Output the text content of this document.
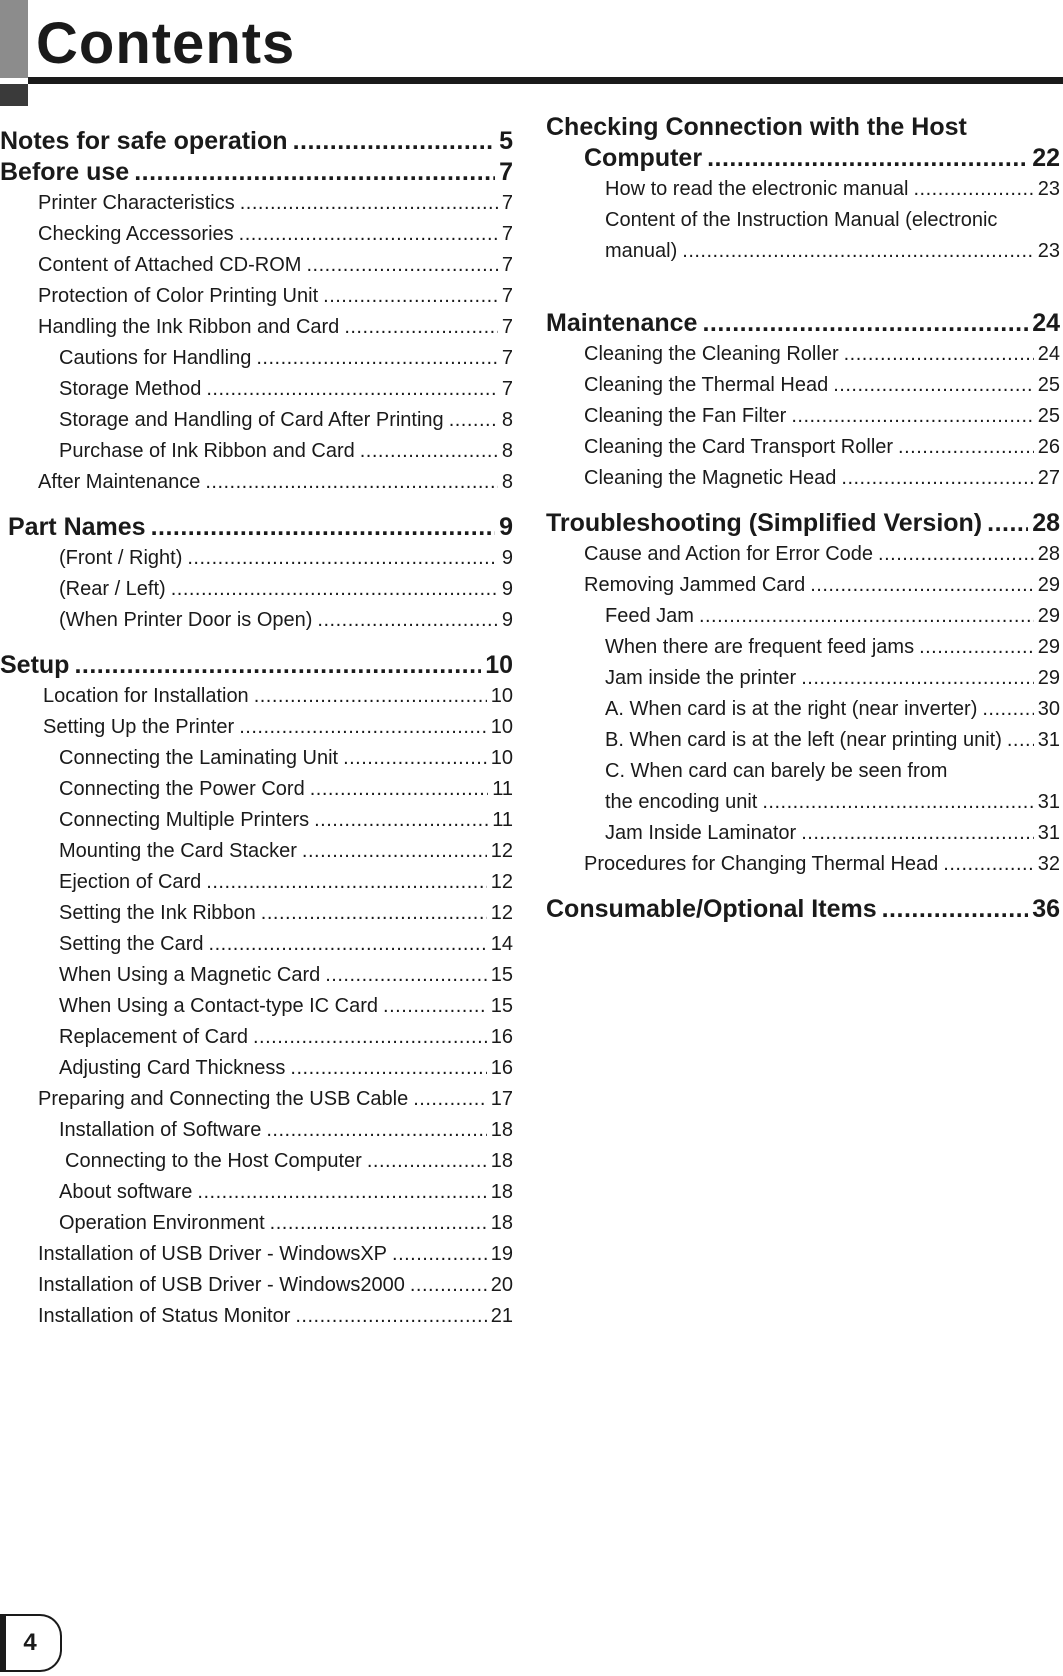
Contents
Notes for safe operation .....	5
Before use .....	7
Printer Characteristics .....	7
Checking Accessories .....	7
Content of Attached CD-ROM .....	7
Protection of Color Printing Unit .....	7
Handling the Ink Ribbon and Card .....	7
Cautions for Handling .....	7
Storage Method .....	7
Storage and Handling of Card After Printing .....	8
Purchase of Ink Ribbon and Card .....	8
After Maintenance .....	8
Part Names .....	9
(Front / Right) .....	9
(Rear / Left) .....	9
(When Printer Door is Open) .....	9
Setup .....	10
Location for Installation .....	10
Setting Up the Printer .....	10
Connecting the Laminating Unit .....	10
Connecting the Power Cord .....	11
Connecting Multiple Printers .....	11
Mounting the Card Stacker .....	12
Ejection of Card .....	12
Setting the Ink Ribbon .....	12
Setting the Card .....	14
When Using a Magnetic Card .....	15
When Using a Contact-type IC Card .....	15
Replacement of Card .....	16
Adjusting Card Thickness .....	16
Preparing and Connecting the USB Cable .....	17
Installation of Software .....	18
Connecting to the Host Computer .....	18
About software .....	18
Operation Environment .....	18
Installation of USB Driver - WindowsXP .....	19
Installation of USB Driver - Windows2000 .....	20
Installation of Status Monitor .....	21
Checking Connection with the Host
Computer .....	22
How to read the electronic manual .....	23
Content of the Instruction Manual (electronic
manual) .....	23
Maintenance .....	24
Cleaning the Cleaning Roller .....	24
Cleaning the Thermal Head .....	25
Cleaning the Fan Filter .....	25
Cleaning the Card Transport Roller .....	26
Cleaning the Magnetic Head .....	27
Troubleshooting (Simplified Version) ..... 28
Cause and Action for Error Code .....	28
Removing Jammed Card .....	29
Feed Jam .....	29
When there are frequent feed jams .....	29
Jam inside the printer .....	29
A. When card is at the right (near inverter) .....	30
B. When card is at the left (near printing unit) ..... 31
C. When card can barely be seen from
the encoding unit .....	31
Jam Inside Laminator .....	31
Procedures for Changing Thermal Head .....	32
Consumable/Optional Items .....	36
4
